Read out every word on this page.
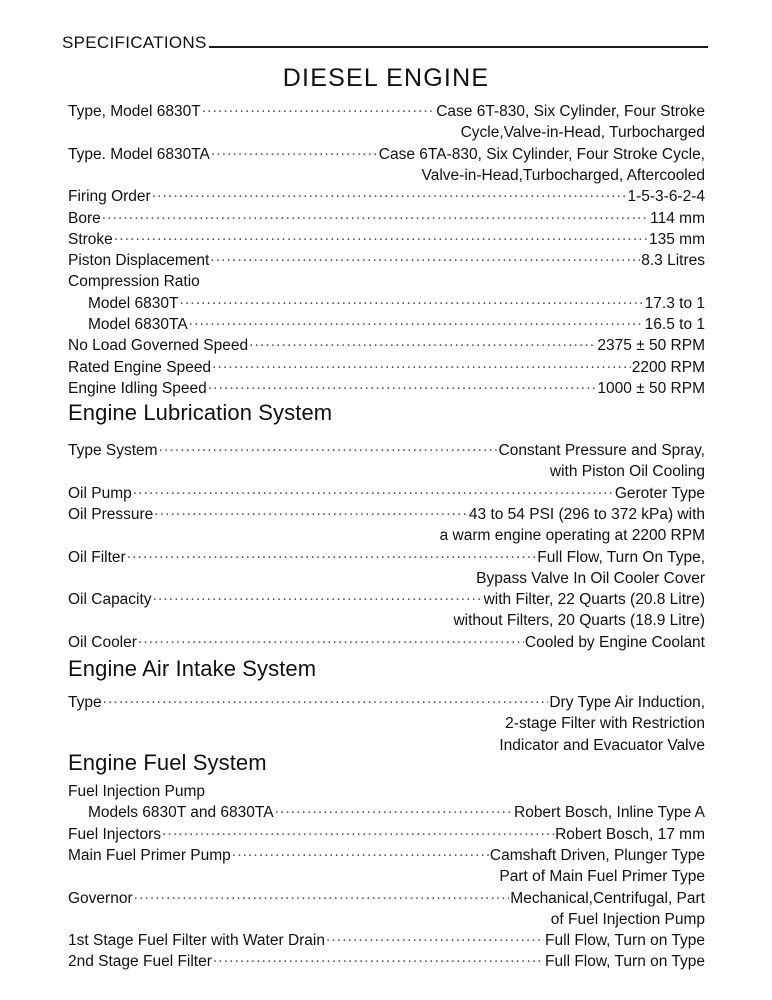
SPECIFICATIONS
DIESEL ENGINE
Type, Model 6830T .....	Case 6T-830, Six Cylinder, Four Stroke
Cycle,Valve-in-Head, Turbocharged
Type. Model 6830TA .....	Case 6TA-830, Six Cylinder, Four Stroke Cycle,
Valve-in-Head,Turbocharged, Aftercooled
Firing Order .....	1-5-3-6-2-4
Bore .....	114 mm
Stroke .....	135 mm
Piston Displacement .....	8.3 Litres
Compression Ratio
Model 6830T .....	17.3 to 1
Model 6830TA .....	16.5 to 1
No Load Governed Speed .....	2375 ± 50 RPM
Rated Engine Speed .....	2200 RPM
Engine Idling Speed .....	1000 ± 50 RPM
Engine Lubrication System
Type System .....	Constant Pressure and Spray,
with Piston Oil Cooling
Oil Pump .....	Geroter Type
Oil Pressure .....	43 to 54 PSI (296 to 372 kPa) with
a warm engine operating at 2200 RPM
Oil Filter .....	Full Flow, Turn On Type,
Bypass Valve In Oil Cooler Cover
Oil Capacity .....	with Filter, 22 Quarts (20.8 Litre)
without Filters, 20 Quarts (18.9 Litre)
Oil Cooler .....	Cooled by Engine Coolant
Engine Air Intake System
Type .....	Dry Type Air Induction,
2-stage Filter with Restriction
Indicator and Evacuator Valve
Engine Fuel System
Fuel Injection Pump
Models 6830T and 6830TA .....	Robert Bosch, Inline Type A
Fuel Injectors .....	Robert Bosch, 17 mm
Main Fuel Primer Pump .....	Camshaft Driven, Plunger Type
Part of Main Fuel Primer Type
Governor .....	Mechanical,Centrifugal, Part
of Fuel Injection Pump
1st Stage Fuel Filter with Water Drain .....	Full Flow, Turn on Type
2nd Stage Fuel Filter .....	Full Flow, Turn on Type
